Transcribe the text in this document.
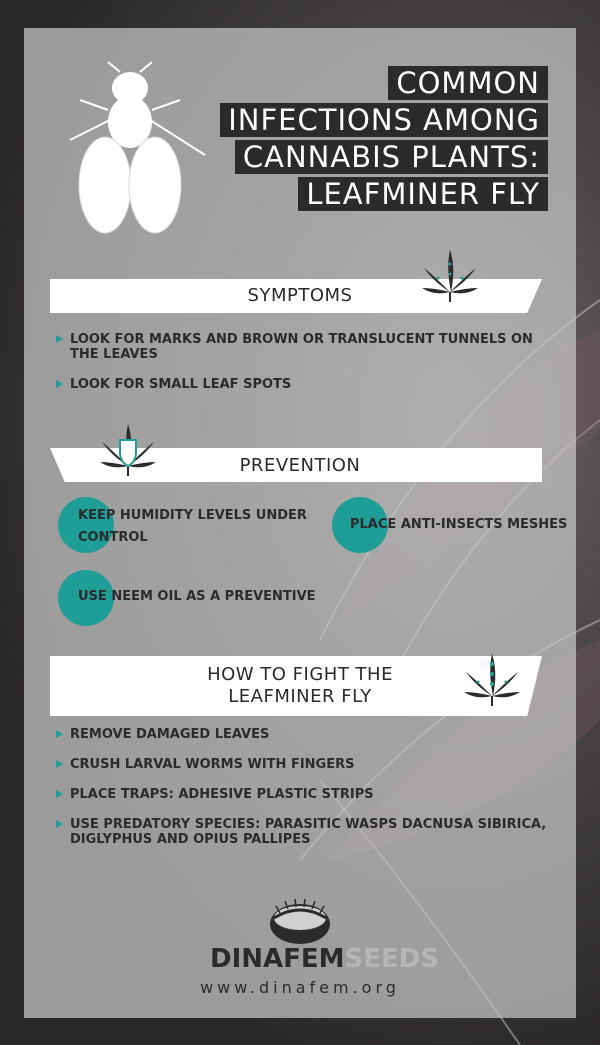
COMMON
INFECTIONS AMONG
CANNABIS PLANTS:
LEAFMINER FLY
SYMPTOMS
LOOK FOR MARKS AND BROWN OR TRANSLUCENT TUNNELS ON THE LEAVES
LOOK FOR SMALL LEAF SPOTS
PREVENTION
KEEP HUMIDITY LEVELS UNDER CONTROL
PLACE ANTI-INSECTS MESHES
USE NEEM OIL AS A PREVENTIVE
HOW TO FIGHT THE
LEAFMINER FLY
REMOVE DAMAGED LEAVES
CRUSH LARVAL WORMS WITH FINGERS
PLACE TRAPS: ADHESIVE PLASTIC STRIPS
USE PREDATORY SPECIES: PARASITIC WASPS DACNUSA SIBIRICA, DIGLYPHUS AND OPIUS PALLIPES
DINAFEMSEEDS
www.dinafem.org
